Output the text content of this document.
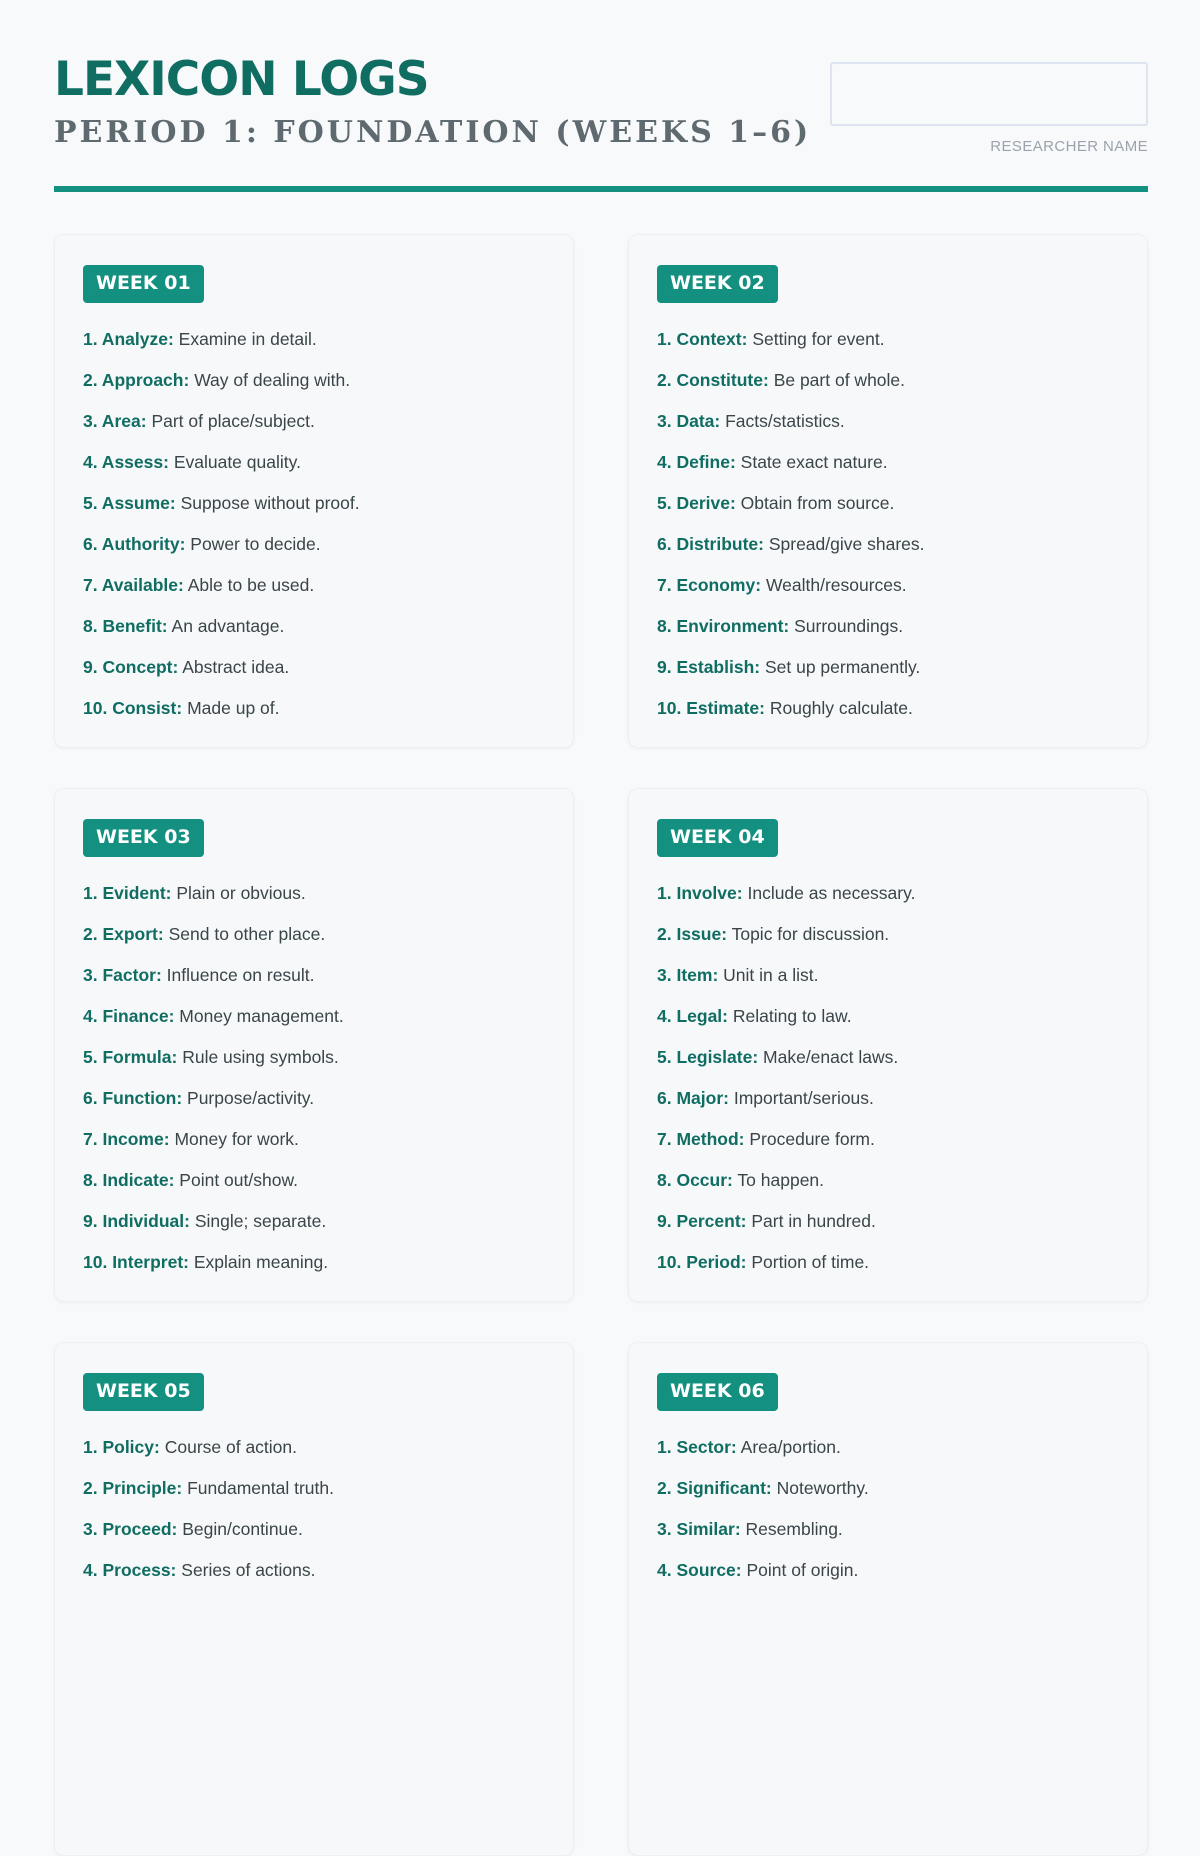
LEXICON LOGS
PERIOD 1: FOUNDATION (WEEKS 1–6)	RESEARCHER NAME
WEEK 01
1. Analyze: Examine in detail.
2. Approach: Way of dealing with.
3. Area: Part of place/subject.
4. Assess: Evaluate quality.
5. Assume: Suppose without proof.
6. Authority: Power to decide.
7. Available: Able to be used.
8. Benefit: An advantage.
9. Concept: Abstract idea.
10. Consist: Made up of.
WEEK 02
1. Context: Setting for event.
2. Constitute: Be part of whole.
3. Data: Facts/statistics.
4. Define: State exact nature.
5. Derive: Obtain from source.
6. Distribute: Spread/give shares.
7. Economy: Wealth/resources.
8. Environment: Surroundings.
9. Establish: Set up permanently.
10. Estimate: Roughly calculate.
WEEK 03
1. Evident: Plain or obvious.
2. Export: Send to other place.
3. Factor: Influence on result.
4. Finance: Money management.
5. Formula: Rule using symbols.
6. Function: Purpose/activity.
7. Income: Money for work.
8. Indicate: Point out/show.
9. Individual: Single; separate.
10. Interpret: Explain meaning.
WEEK 04
1. Involve: Include as necessary.
2. Issue: Topic for discussion.
3. Item: Unit in a list.
4. Legal: Relating to law.
5. Legislate: Make/enact laws.
6. Major: Important/serious.
7. Method: Procedure form.
8. Occur: To happen.
9. Percent: Part in hundred.
10. Period: Portion of time.
WEEK 05
1. Policy: Course of action.
2. Principle: Fundamental truth.
3. Proceed: Begin/continue.
4. Process: Series of actions.
WEEK 06
1. Sector: Area/portion.
2. Significant: Noteworthy.
3. Similar: Resembling.
4. Source: Point of origin.
